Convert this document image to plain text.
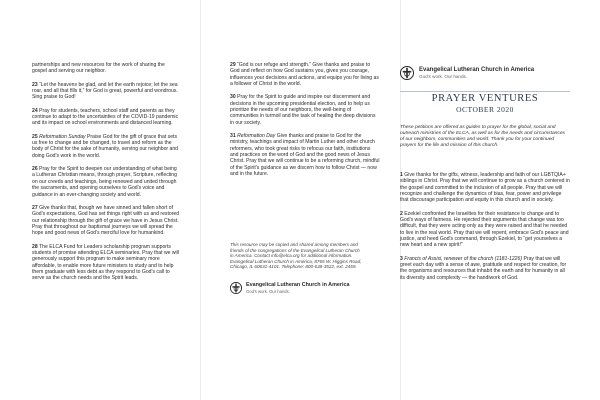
partnerships and new resources for the work of sharing the gospel and serving our neighbor.

23 “Let the heavens be glad, and let the earth rejoice; let the sea roar, and all that fills it,” for God is great, powerful and wondrous. Sing praise to God!

24 Pray for students, teachers, school staff and parents as they continue to adapt to the uncertainties of the COVID-19 pandemic and its impact on school environments and distanced learning.

25 Reformation Sunday Praise God for the gift of grace that sets us free to change and be changed, to travel and reform as the body of Christ for the sake of humanity, serving our neighbor and doing God's work in the world.

26 Pray for the Spirit to deepen our understanding of what being a Lutheran Christian means, through prayer, Scripture, reflecting on our creeds and teachings, being renewed and united through the sacraments, and opening ourselves to God's voice and guidance in an ever-changing society and world.

27 Give thanks that, though we have sinned and fallen short of God's expectations, God has set things right with us and restored our relationship through the gift of grace we have in Jesus Christ. Pray that throughout our baptismal journeys we will spread the hope and good news of God's merciful love for humankind.

28 The ELCA Fund for Leaders scholarship program supports students of promise attending ELCA seminaries. Pray that we will generously support this program to make seminary more affordable, to enable more future ministers to study and to help them graduate with less debt as they respond to God's call to serve as the church needs and the Spirit leads.

29 “God is our refuge and strength.” Give thanks and praise to God and reflect on how God sustains you, gives you courage, influences your decisions and actions, and equips you for living as a follower of Christ in the world.

30 Pray for the Spirit to guide and inspire our discernment and decisions in the upcoming presidential election, and to help us prioritize the needs of our neighbors, the well-being of communities in turmoil and the task of healing the deep divisions in our society.

31 Reformation Day Give thanks and praise to God for the ministry, teachings and impact of Martin Luther and other church reformers, who took great risks to refocus our faith, institutions and practices on the word of God and the good news of Jesus Christ. Pray that we will continue to be a reforming church, mindful of the Spirit's guidance as we discern how to follow Christ — now and in the future.

This resource may be copied and shared among members and friends of the congregations of the Evangelical Lutheran Church in America. Contact info@elca.org for additional information. Evangelical Lutheran Church in America, 8765 W. Higgins Road, Chicago, IL 60631-4101. Telephone: 800-638-3522, ext. 2459.
Evangelical Lutheran Church in America
God's work. Our hands.
Evangelical Lutheran Church in America
God's work. Our hands.
PRAYER VENTURES
OCTOBER 2020
These petitions are offered as guides to prayer for the global, social and outreach ministries of the ELCA, as well as for the needs and circumstances of our neighbors, communities and world. Thank you for your continued prayers for the life and mission of this church.

1 Give thanks for the gifts, witness, leadership and faith of our LGBTQIA+ siblings in Christ. Pray that we will continue to grow as a church centered in the gospel and committed to the inclusion of all people. Pray that we will recognize and challenge the dynamics of bias, fear, power and privilege that discourage participation and equity in this church and in society.

2 Ezekiel confronted the Israelites for their resistance to change and to God's ways of fairness. He rejected their arguments that change was too difficult, that they were acting only as they were raised and that he needed to live in the real world. Pray that we will repent, embrace God's peace and justice, and heed God's command, through Ezekiel, to “get yourselves a new heart and a new spirit!”

3 Francis of Assisi, renewer of the church (1181-1226) Pray that we will greet each day with a sense of awe, gratitude and respect for creation, for the organisms and resources that inhabit the earth and for humanity in all its diversity and complexity — the handiwork of God.
